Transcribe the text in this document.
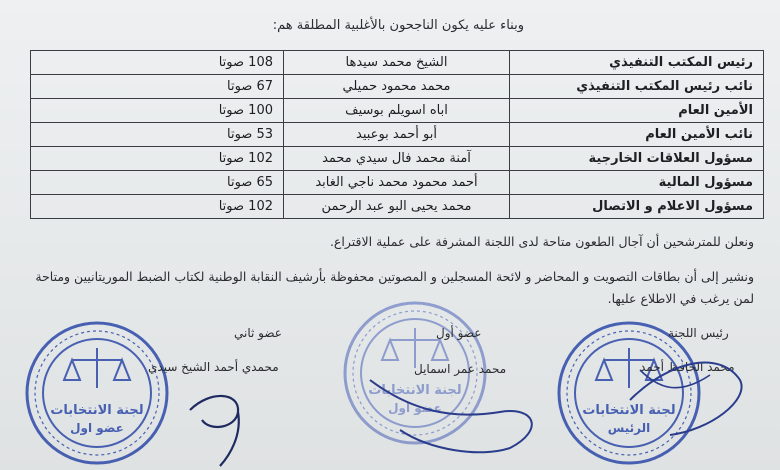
وبناء عليه يكون الناجحون بالأغلبية المطلقة هم:
رئيس المكتب التنفيذي	الشيخ محمد سيدها	108 صوتا
نائب رئيس المكتب التنفيذي	محمد محمود حميلي	67 صوتا
الأمين العام	اباه اسويلم بوسيف	100 صوتا
نائب الأمين العام	أبو أحمد بوعبيد	53 صوتا
مسؤول العلاقات الخارجية	آمنة محمد فال سيدي محمد	102 صوتا
مسؤول المالية	أحمد محمود محمد ناجي الغابد	65 صوتا
مسؤول الاعلام و الاتصال	محمد يحيى البو عبد الرحمن	102 صوتا
ونعلن للمترشحين أن آجال الطعون متاحة لدى اللجنة المشرفة على عملية الاقتراع.
ونشير إلى أن بطاقات التصويت و المحاضر و لائحة المسجلين و المصوتين محفوظة بأرشيف النقابة الوطنية لكتاب الضبط الموريتانيين ومتاحة لمن يرغب في الاطلاع عليها.
لجنة الانتخابات
الرئيس
لجنة الانتخابات
عضو اول
لجنة الانتخابات
عضو اول
رئيس اللجنة
محمد الحافظ أحمد
عضو أول
محمد عمر اسمايل
عضو ثاني
محمدي أحمد الشيخ سيدي
